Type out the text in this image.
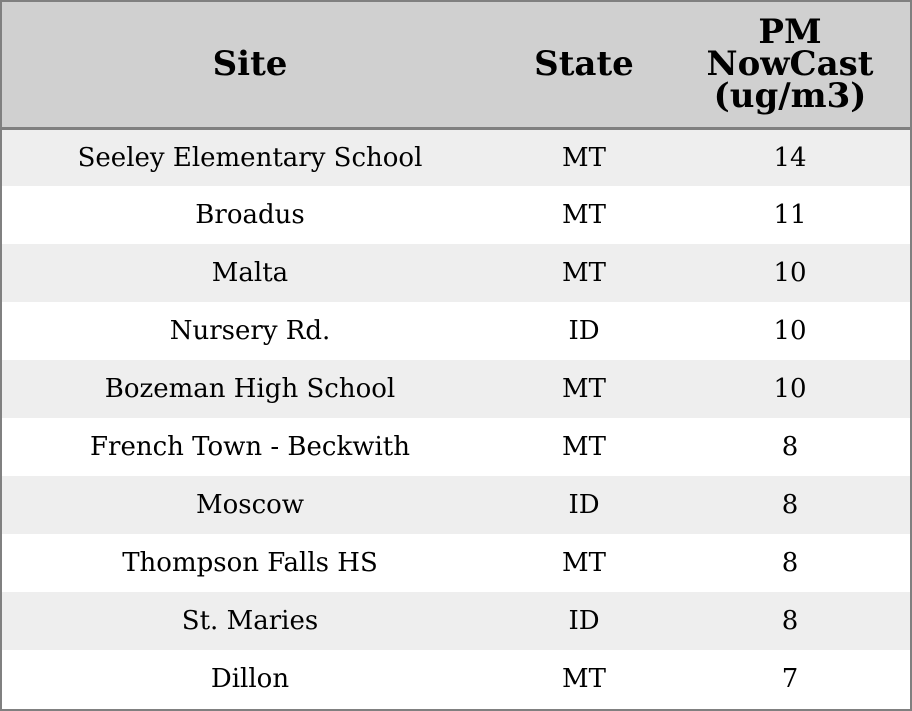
Site	State	PM
NowCast
(ug/m3)

Seeley Elementary School	MT	14
Broadus	MT	11
Malta	MT	10
Nursery Rd.	ID	10
Bozeman High School	MT	10
French Town - Beckwith	MT	8
Moscow	ID	8
Thompson Falls HS	MT	8
St. Maries	ID	8
Dillon	MT	7
